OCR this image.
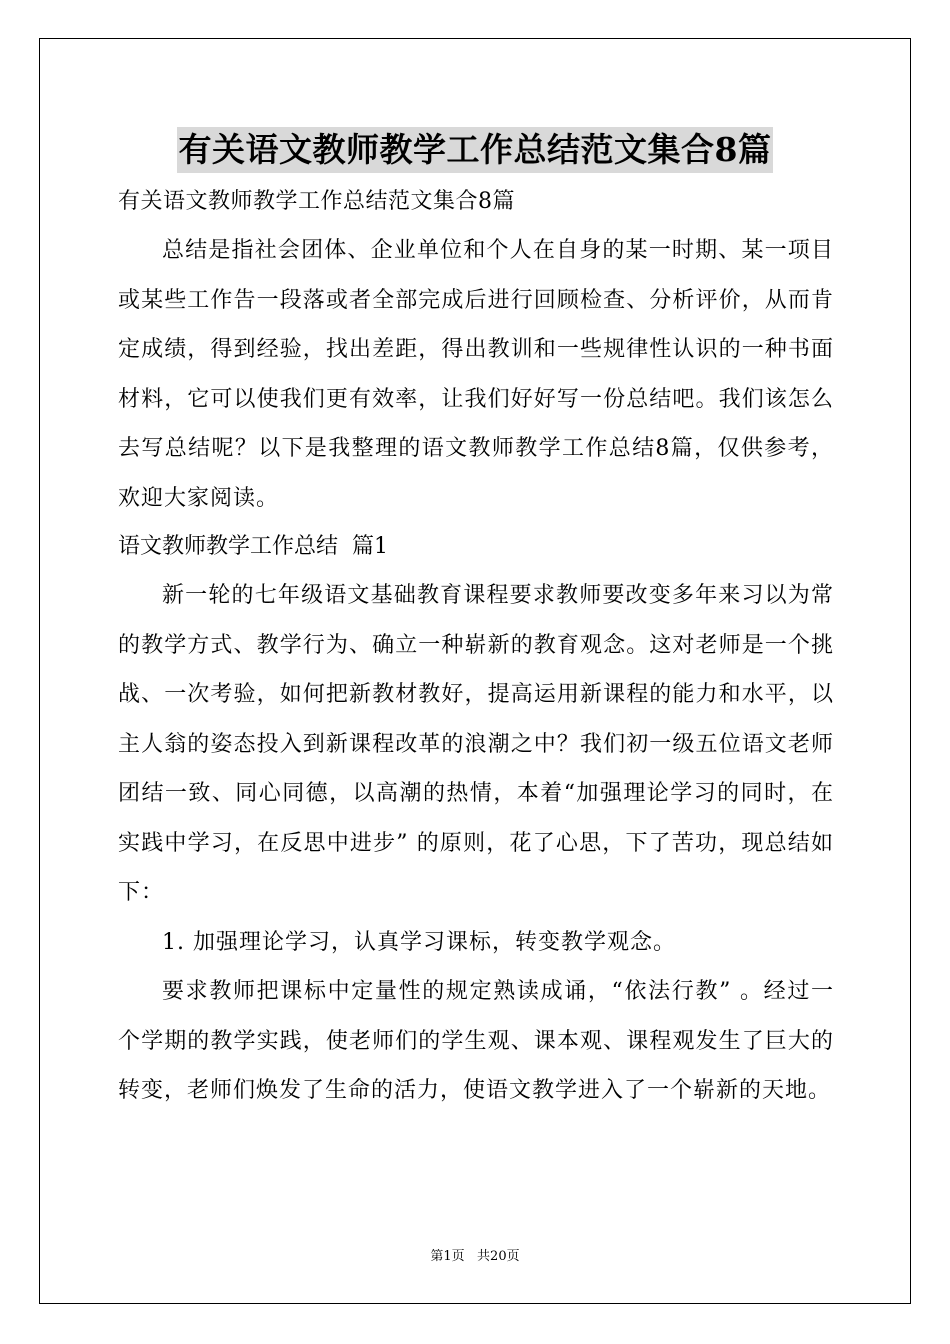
有关语文教师教学工作总结范文集合8篇

有关语文教师教学工作总结范文集合8篇

总结是指社会团体、企业单位和个人在自身的某一时期、某一项目或某些工作告一段落或者全部完成后进行回顾检查、分析评价，从而肯定成绩，得到经验，找出差距，得出教训和一些规律性认识的一种书面材料，它可以使我们更有效率，让我们好好写一份总结吧。我们该怎么去写总结呢？以下是我整理的语文教师教学工作总结8篇，仅供参考，欢迎大家阅读。

语文教师教学工作总结  篇1

新一轮的七年级语文基础教育课程要求教师要改变多年来习以为常的教学方式、教学行为、确立一种崭新的教育观念。这对老师是一个挑战、一次考验，如何把新教材教好，提高运用新课程的能力和水平，以主人翁的姿态投入到新课程改革的浪潮之中？我们初一级五位语文老师团结一致、同心同德，以高潮的热情，本着“加强理论学习的同时，在实践中学习，在反思中进步” 的原则，花了心思，下了苦功，现总结如下：

1. 加强理论学习，认真学习课标，转变教学观念。

要求教师把课标中定量性的规定熟读成诵，“依法行教” 。经过一个学期的教学实践，使老师们的学生观、课本观、课程观发生了巨大的转变，老师们焕发了生命的活力，使语文教学进入了一个崭新的天地。

第1页   共20页
